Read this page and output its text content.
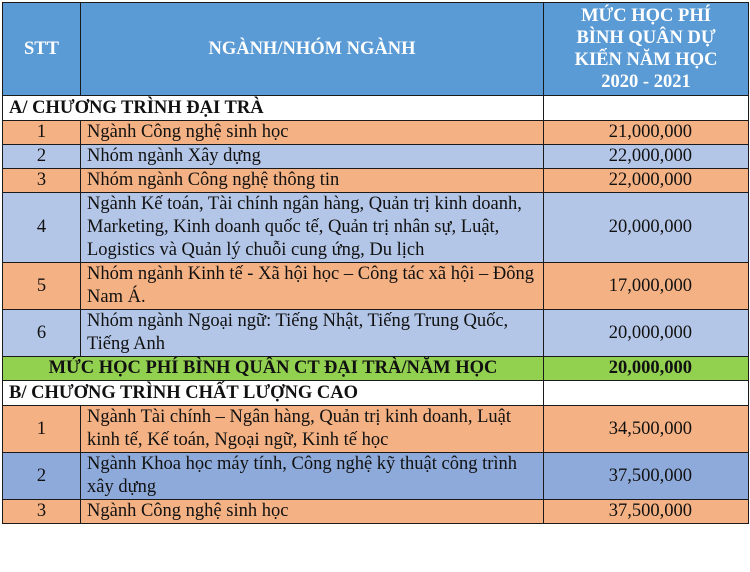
STT	NGÀNH/NHÓM NGÀNH	MỨC HỌC PHÍ
BÌNH QUÂN DỰ
KIẾN NĂM HỌC
2020 - 2021

A/ CHƯƠNG TRÌNH ĐẠI TRÀ		
1	Ngành Công nghệ sinh học	21,000,000
2	Nhóm ngành Xây dựng	22,000,000
3	Nhóm ngành Công nghệ thông tin	22,000,000
4	Ngành Kế toán, Tài chính ngân hàng, Quản trị kinh doanh, Marketing, Kinh doanh quốc tế, Quản trị nhân sự, Luật, Logistics và Quản lý chuỗi cung ứng, Du lịch	20,000,000
5	Nhóm ngành Kinh tế - Xã hội học – Công tác xã hội – Đông Nam Á.	17,000,000
6	Nhóm ngành Ngoại ngữ: Tiếng Nhật, Tiếng Trung Quốc, Tiếng Anh	20,000,000
MỨC HỌC PHÍ BÌNH QUÂN CT ĐẠI TRÀ/NĂM HỌC		20,000,000
B/ CHƯƠNG TRÌNH CHẤT LƯỢNG CAO		
1	Ngành Tài chính – Ngân hàng, Quản trị kinh doanh, Luật kinh tế, Kế toán, Ngoại ngữ, Kinh tế học	34,500,000
2	Ngành Khoa học máy tính, Công nghệ kỹ thuật công trình xây dựng	37,500,000
3	Ngành Công nghệ sinh học	37,500,000
